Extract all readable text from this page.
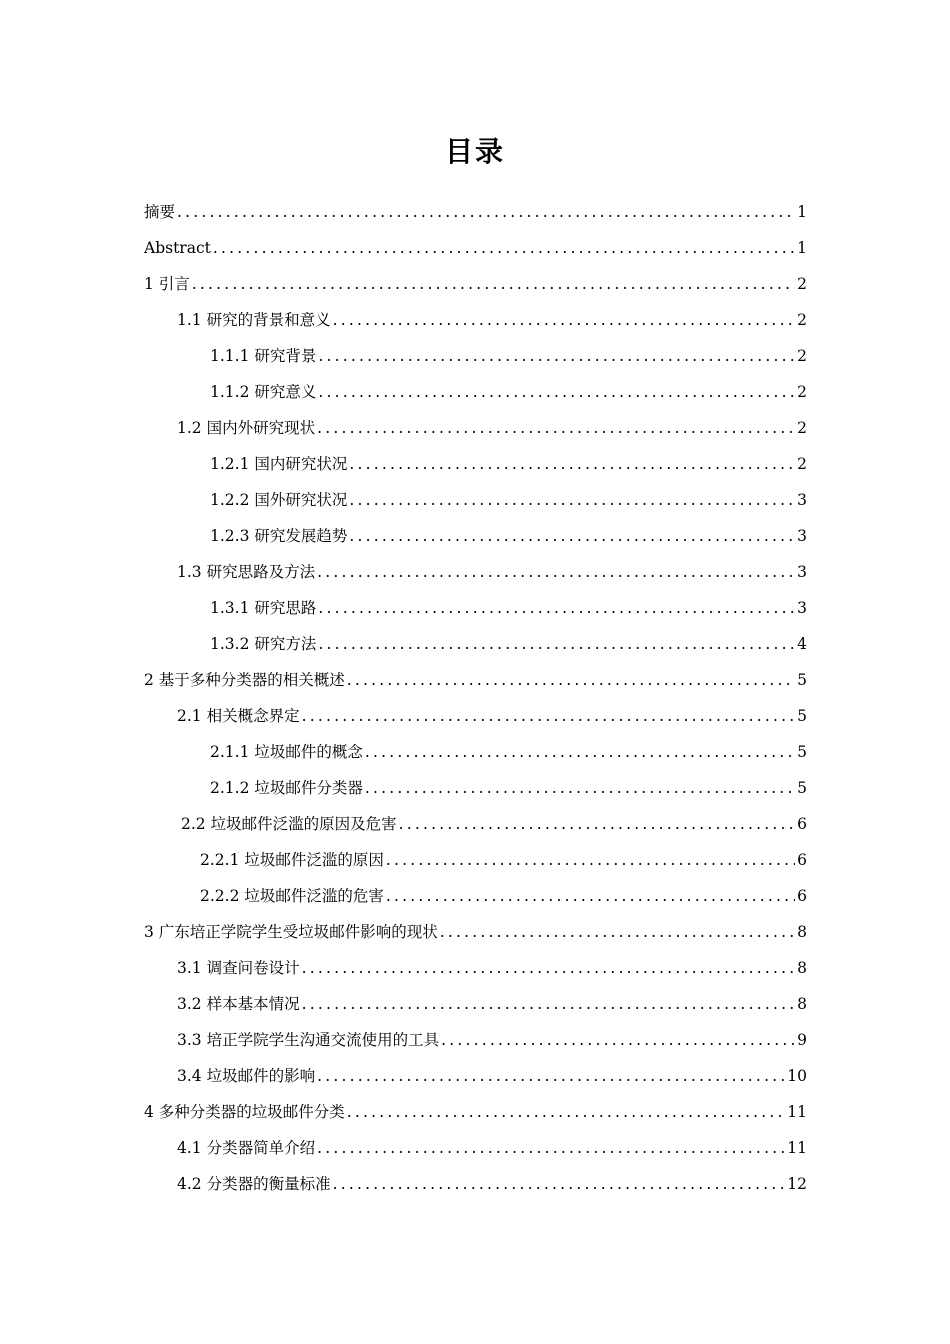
目录
摘要 .....	1
Abstract .....	1
1 引言 .....	2
1.1 研究的背景和意义 .....	2
1.1.1 研究背景 .....	2
1.1.2 研究意义 .....	2
1.2 国内外研究现状 .....	2
1.2.1 国内研究状况 .....	2
1.2.2 国外研究状况 .....	3
1.2.3 研究发展趋势 .....	3
1.3 研究思路及方法 .....	3
1.3.1 研究思路 .....	3
1.3.2 研究方法 .....	4
2 基于多种分类器的相关概述 .....	5
2.1 相关概念界定 .....	5
2.1.1 垃圾邮件的概念 .....	5
2.1.2 垃圾邮件分类器 .....	5
2.2 垃圾邮件泛滥的原因及危害 .....	6
2.2.1 垃圾邮件泛滥的原因 .....	6
2.2.2 垃圾邮件泛滥的危害 .....	6
3 广东培正学院学生受垃圾邮件影响的现状 .....	8
3.1 调查问卷设计 .....	8
3.2 样本基本情况 .....	8
3.3 培正学院学生沟通交流使用的工具 .....	9
3.4 垃圾邮件的影响 .....	10
4 多种分类器的垃圾邮件分类 .....	11
4.1 分类器简单介绍 .....	11
4.2 分类器的衡量标准 .....	12
